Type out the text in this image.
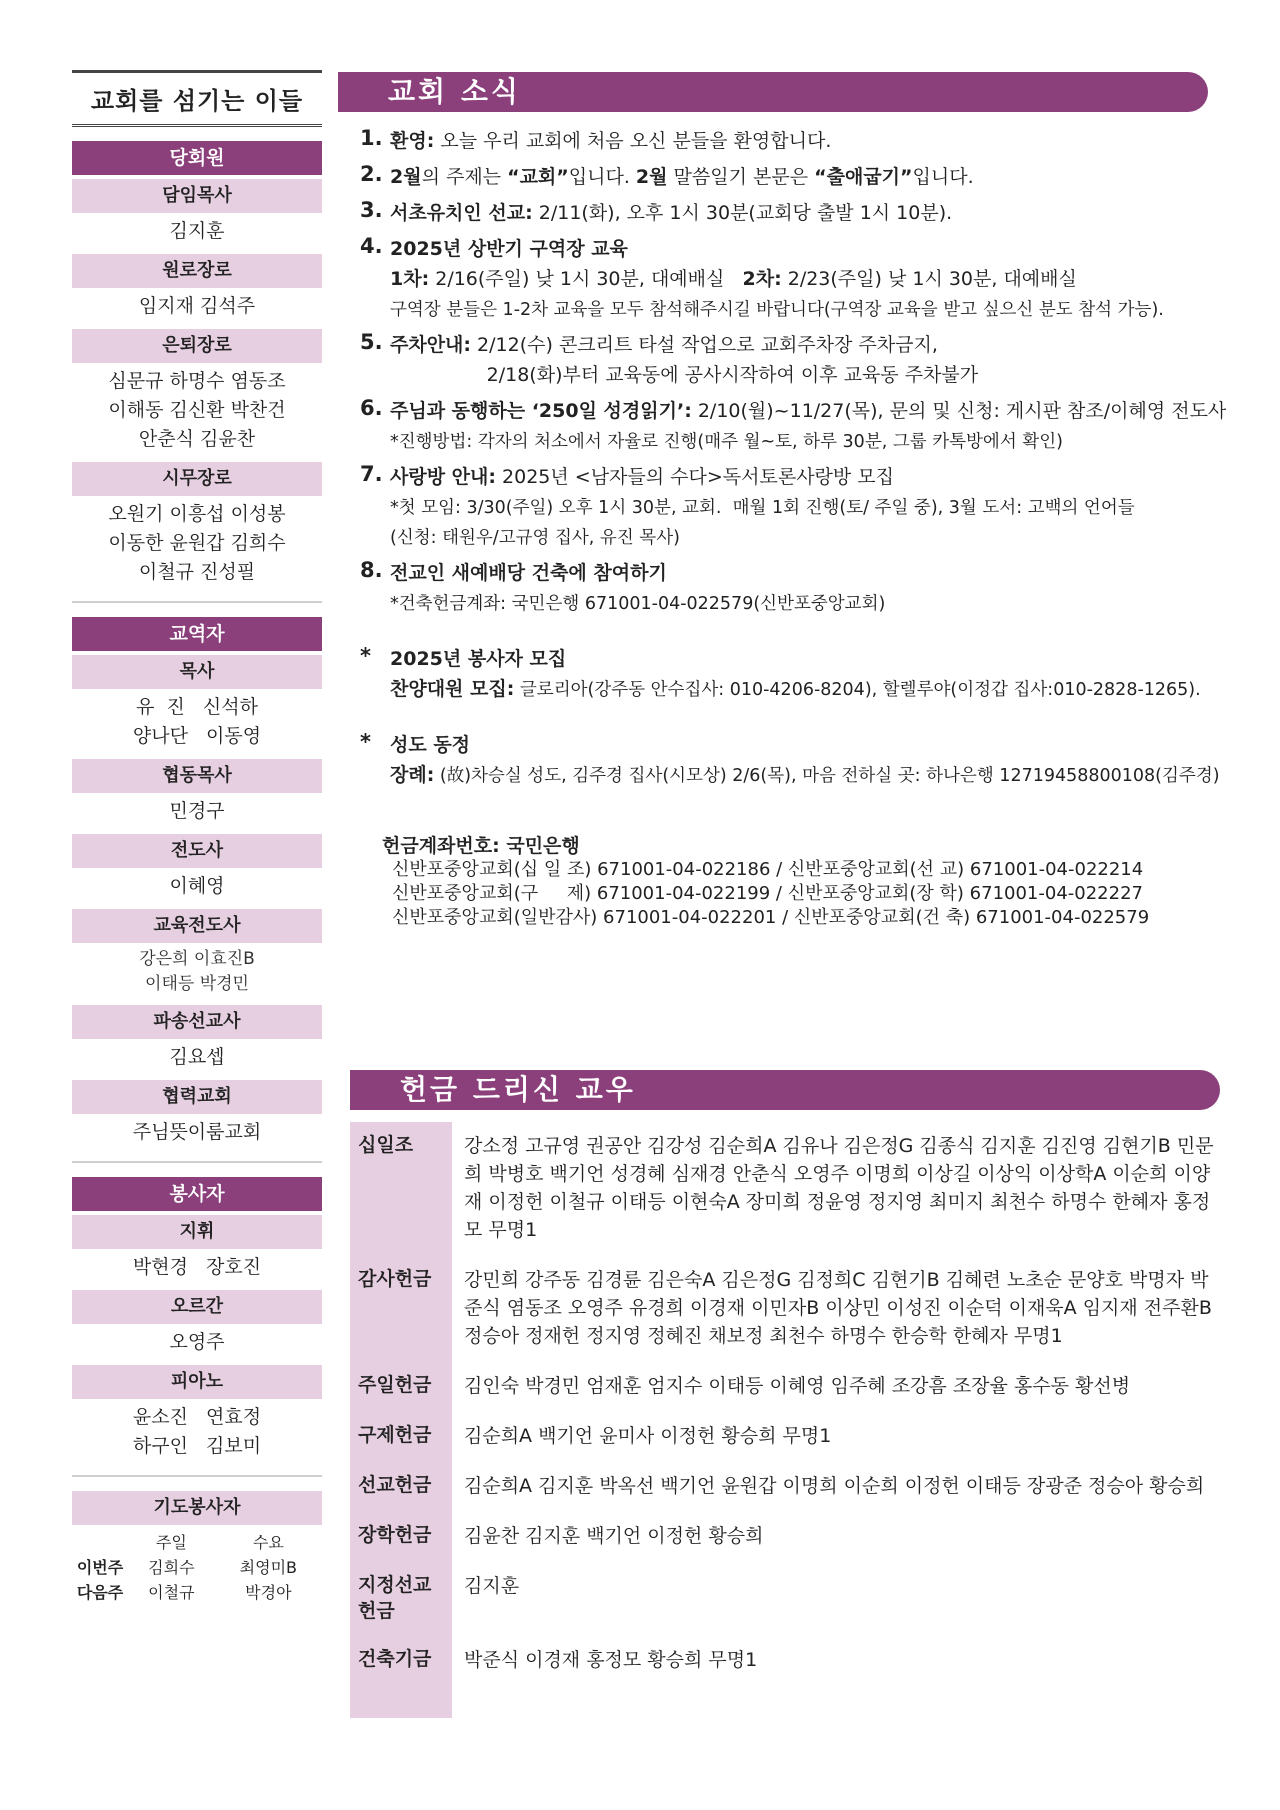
교회를 섬기는 이들
당회원
담임목사
김지훈
원로장로
임지재 김석주
은퇴장로
심문규 하명수 염동조
이해동 김신환 박찬건
안춘식 김윤찬
시무장로
오원기 이흥섭 이성봉
이동한 윤원갑 김희수
이철규 진성필
교역자
목사
유  진   신석하
양나단   이동영
협동목사
민경구
전도사
이혜영
교육전도사
강은희 이효진B
이태등 박경민
파송선교사
김요셉
협력교회
주님뜻이룸교회
봉사자
지휘
박현경   장호진
오르간
오영주
피아노
윤소진   연효정
하구인   김보미
기도봉사자
	주일	수요
이번주	김희수	최영미B
다음주	이철규	박경아
교회 소식
1. 환영: 오늘 우리 교회에 처음 오신 분들을 환영합니다.
2. 2월의 주제는 “교회”입니다. 2월 말씀일기 본문은 “출애굽기”입니다.
3. 서초유치인 선교: 2/11(화), 오후 1시 30분(교회당 출발 1시 10분).
4. 2025년 상반기 구역장 교육
1차: 2/16(주일) 낮 1시 30분, 대예배실   2차: 2/23(주일) 낮 1시 30분, 대예배실
구역장 분들은 1-2차 교육을 모두 참석해주시길 바랍니다(구역장 교육을 받고 싶으신 분도 참석 가능).
5. 주차안내: 2/12(수) 콘크리트 타설 작업으로 교회주차장 주차금지,
2/18(화)부터 교육동에 공사시작하여 이후 교육동 주차불가
6. 주님과 동행하는 ‘250일 성경읽기’: 2/10(월)~11/27(목), 문의 및 신청: 게시판 참조/이혜영 전도사
*진행방법: 각자의 처소에서 자율로 진행(매주 월~토, 하루 30분, 그룹 카톡방에서 확인)
7. 사랑방 안내: 2025년 <남자들의 수다>독서토론사랑방 모집
*첫 모임: 3/30(주일) 오후 1시 30분, 교회.  매월 1회 진행(토/ 주일 중), 3월 도서: 고백의 언어들
(신청: 태원우/고규영 집사, 유진 목사)
8. 전교인 새예배당 건축에 참여하기
*건축헌금계좌: 국민은행 671001-04-022579(신반포중앙교회)
*	2025년 봉사자 모집
찬양대원 모집: 글로리아(강주동 안수집사: 010-4206-8204), 할렐루야(이정갑 집사:010-2828-1265).
*	성도 동정
장례: (故)차승실 성도, 김주경 집사(시모상) 2/6(목), 마음 전하실 곳: 하나은행 12719458800108(김주경)
헌금계좌번호: 국민은행
신반포중앙교회(십 일 조) 671001-04-022186 / 신반포중앙교회(선 교) 671001-04-022214
신반포중앙교회(구     제) 671001-04-022199 / 신반포중앙교회(장 학) 671001-04-022227
신반포중앙교회(일반감사) 671001-04-022201 / 신반포중앙교회(건 축) 671001-04-022579
헌금 드리신 교우
십일조	강소정 고규영 권공안 김강성 김순희A 김유나 김은정G 김종식 김지훈 김진영 김현기B 민문희 박병호 백기언 성경혜 심재경 안춘식 오영주 이명희 이상길 이상익 이상학A 이순희 이양재 이정헌 이철규 이태등 이현숙A 장미희 정윤영 정지영 최미지 최천수 하명수 한혜자 홍정모 무명1
감사헌금	강민희 강주동 김경륜 김은숙A 김은정G 김정희C 김현기B 김혜련 노초순 문양호 박명자 박준식 염동조 오영주 유경희 이경재 이민자B 이상민 이성진 이순덕 이재욱A 임지재 전주환B 정승아 정재헌 정지영 정혜진 채보정 최천수 하명수 한승학 한혜자 무명1
주일헌금	김인숙 박경민 엄재훈 엄지수 이태등 이혜영 임주혜 조강흠 조장율 홍수동 황선병
구제헌금	김순희A 백기언 윤미사 이정헌 황승희 무명1
선교헌금	김순희A 김지훈 박옥선 백기언 윤원갑 이명희 이순희 이정헌 이태등 장광준 정승아 황승희
장학헌금	김윤찬 김지훈 백기언 이정헌 황승희
지정선교헌금	김지훈
건축기금	박준식 이경재 홍정모 황승희 무명1
